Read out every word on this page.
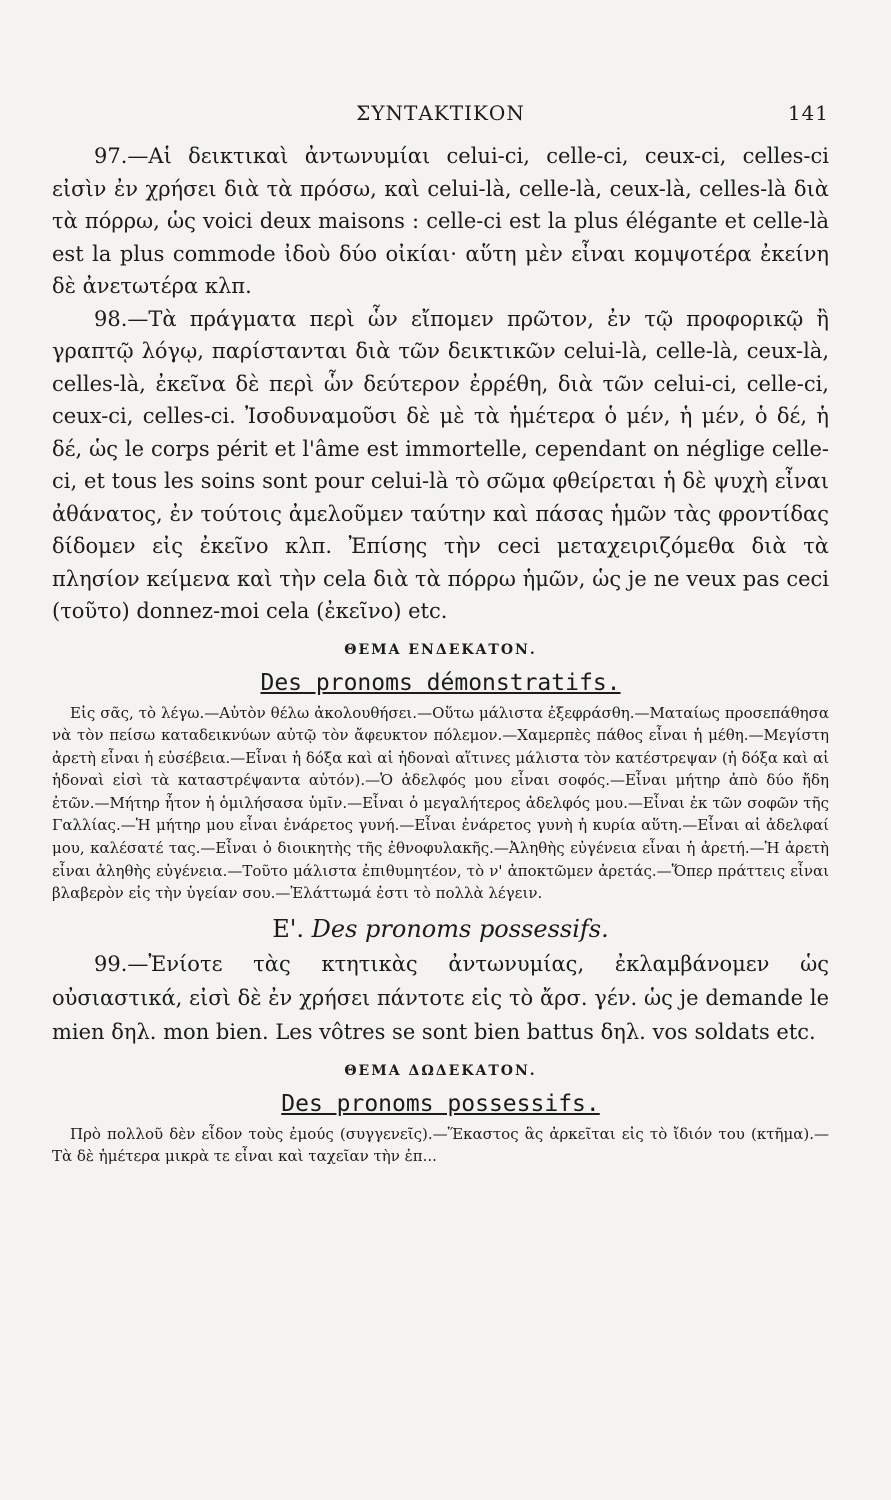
ΣΥΝΤΑΚΤΙΚΟΝ	141

97.—Αἱ δεικτικαὶ ἀντωνυμίαι celui-ci, celle-ci, ceux-ci, celles-ci εἰσὶν ἐν χρήσει διὰ τὰ πρόσω, καὶ celui-là, celle-là, ceux-là, celles-là διὰ τὰ πόρρω, ὡς voici deux maisons : celle-ci est la plus élégante et celle-là est la plus commode ἰδοὺ δύο οἰκίαι· αὕτη μὲν εἶναι κομψοτέρα ἐκείνη δὲ ἀνετωτέρα κλπ.

98.—Τὰ πράγματα περὶ ὧν εἴπομεν πρῶτον, ἐν τῷ προφορικῷ ἢ γραπτῷ λόγῳ, παρίστανται διὰ τῶν δεικτικῶν celui-là, celle-là, ceux-là, celles-là, ἐκεῖνα δὲ περὶ ὧν δεύτερον ἐρρέθη, διὰ τῶν celui-ci, celle-ci, ceux-ci, celles-ci. Ἰσοδυναμοῦσι δὲ μὲ τὰ ἡμέτερα ὁ μέν, ἡ μέν, ὁ δέ, ἡ δέ, ὡς le corps périt et l'âme est immortelle, cependant on néglige celle-ci, et tous les soins sont pour celui-là τὸ σῶμα φθείρεται ἡ δὲ ψυχὴ εἶναι ἀθάνατος, ἐν τούτοις ἀμελοῦμεν ταύτην καὶ πάσας ἡμῶν τὰς φροντίδας δίδομεν εἰς ἐκεῖνο κλπ. Ἐπίσης τὴν ceci μεταχειριζόμεθα διὰ τὰ πλησίον κείμενα καὶ τὴν cela διὰ τὰ πόρρω ἡμῶν, ὡς je ne veux pas ceci (τοῦτο) donnez-moi cela (ἐκεῖνο) etc.

ΘΕΜΑ ΕΝΔΕΚΑΤΟΝ.
Des pronoms démonstratifs.

Εἰς σᾶς, τὸ λέγω.—Αὐτὸν θέλω ἀκολουθήσει.—Οὕτω μάλιστα ἐξεφράσθη.—Ματαίως προσεπάθησα νὰ τὸν πείσω καταδεικνύων αὐτῷ τὸν ἄφευκτον πόλεμον.—Χαμερπὲς πάθος εἶναι ἡ μέθη.—Μεγίστη ἀρετὴ εἶναι ἡ εὐσέβεια.—Εἶναι ἡ δόξα καὶ αἱ ἡδοναὶ αἵτινες μάλιστα τὸν κατέστρεψαν (ἡ δόξα καὶ αἱ ἡδοναὶ εἰσὶ τὰ καταστρέψαντα αὐτόν).—Ὁ ἀδελφός μου εἶναι σοφός.—Εἶναι μήτηρ ἀπὸ δύο ἤδη ἐτῶν.—Μήτηρ ἦτον ἡ ὁμιλήσασα ὑμῖν.—Εἶναι ὁ μεγαλήτερος ἀδελφός μου.—Εἶναι ἐκ τῶν σοφῶν τῆς Γαλλίας.—Ἡ μήτηρ μου εἶναι ἐνάρετος γυνή.—Εἶναι ἐνάρετος γυνὴ ἡ κυρία αὕτη.—Εἶναι αἱ ἀδελφαί μου, καλέσατέ τας.—Εἶναι ὁ διοικητὴς τῆς ἐθνοφυλακῆς.—Ἀληθὴς εὐγένεια εἶναι ἡ ἀρετή.—Ἡ ἀρετὴ εἶναι ἀληθὴς εὐγένεια.—Τοῦτο μάλιστα ἐπιθυμητέον, τὸ ν' ἀποκτῶμεν ἀρετάς.—Ὅπερ πράττεις εἶναι βλαβερὸν εἰς τὴν ὑγείαν σου.—Ἐλάττωμά ἐστι τὸ πολλὰ λέγειν.

Ε'. Des pronoms possessifs.

99.—Ἐνίοτε τὰς κτητικὰς ἀντωνυμίας, ἐκλαμβάνομεν ὡς οὐσιαστικά, εἰσὶ δὲ ἐν χρήσει πάντοτε εἰς τὸ ἄρσ. γέν. ὡς je demande le mien δηλ. mon bien. Les vôtres se sont bien battus δηλ. vos soldats etc.

ΘΕΜΑ ΔΩΔΕΚΑΤΟΝ.
Des pronoms possessifs.

Πρὸ πολλοῦ δὲν εἶδον τοὺς ἐμούς (συγγενεῖς).—Ἕκαστος ἃς ἀρκεῖται εἰς τὸ ἴδιόν του (κτῆμα).—Τὰ δὲ ἡμέτερα μικρὰ τε εἶναι καὶ ταχεῖαν τὴν ἐπ...
